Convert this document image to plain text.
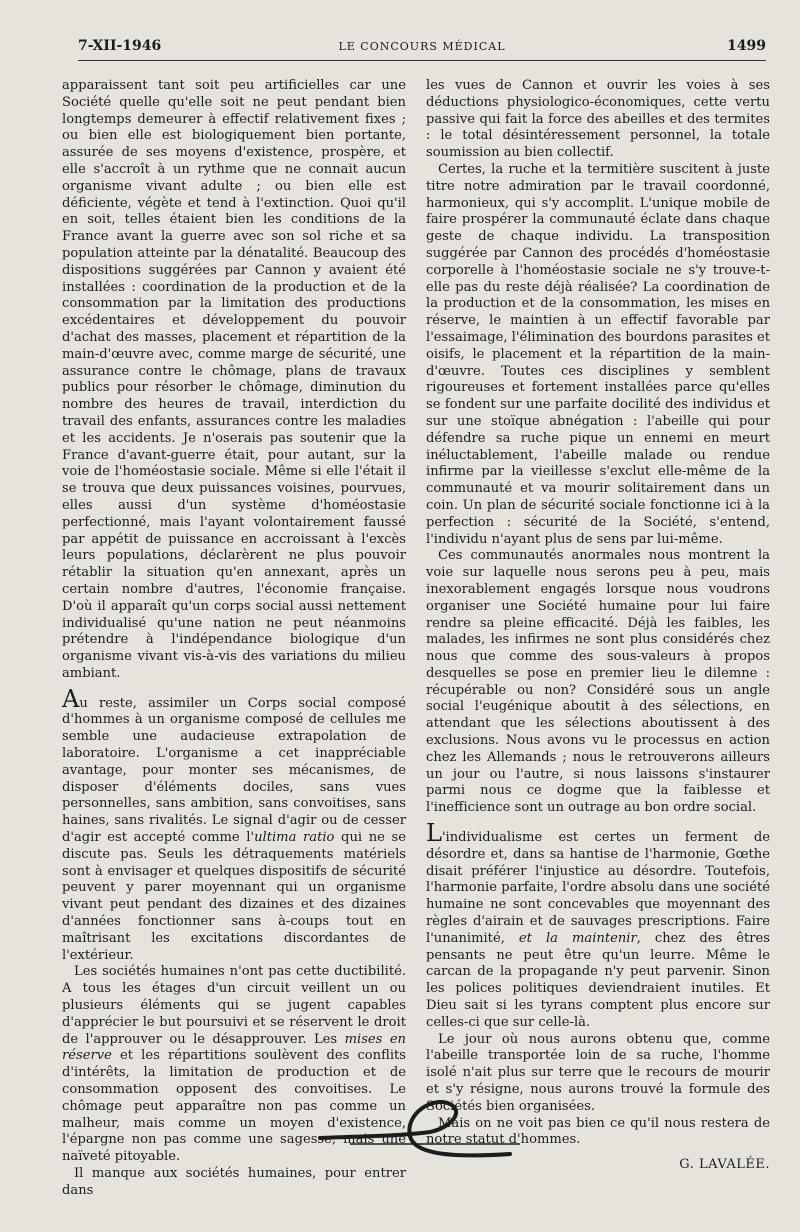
7-XII-1946	LE CONCOURS MÉDICAL	1499

apparaissent tant soit peu artificielles car une Société quelle qu'elle soit ne peut pendant bien longtemps demeurer à effectif relativement fixes ; ou bien elle est biologiquement bien portante, assurée de ses moyens d'existence, prospère, et elle s'accroît à un rythme que ne connait aucun organisme vivant adulte ; ou bien elle est déficiente, végète et tend à l'extinction. Quoi qu'il en soit, telles étaient bien les conditions de la France avant la guerre avec son sol riche et sa population atteinte par la dénatalité. Beaucoup des dispositions suggérées par Cannon y avaient été installées : coordination de la production et de la consommation par la limitation des productions excédentaires et développement du pouvoir d'achat des masses, placement et répartition de la main-d'œuvre avec, comme marge de sécurité, une assurance contre le chômage, plans de travaux publics pour résorber le chômage, diminution du nombre des heures de travail, interdiction du travail des enfants, assurances contre les maladies et les accidents. Je n'oserais pas soutenir que la France d'avant-guerre était, pour autant, sur la voie de l'homéostasie sociale. Même si elle l'était il se trouva que deux puissances voisines, pourvues, elles aussi d'un système d'homéostasie perfectionné, mais l'ayant volontairement faussé par appétit de puissance en accroissant à l'excès leurs populations, déclarèrent ne plus pouvoir rétablir la situation qu'en annexant, après un certain nombre d'autres, l'économie française. D'où il apparaît qu'un corps social aussi nettement individualisé qu'une nation ne peut néanmoins prétendre à l'indépendance biologique d'un organisme vivant vis-à-vis des variations du milieu ambiant.

Au reste, assimiler un Corps social composé d'hommes à un organisme composé de cellules me semble une audacieuse extrapolation de laboratoire. L'organisme a cet inappréciable avantage, pour monter ses mécanismes, de disposer d'éléments dociles, sans vues personnelles, sans ambition, sans convoitises, sans haines, sans rivalités. Le signal d'agir ou de cesser d'agir est accepté comme l'ultima ratio qui ne se discute pas. Seuls les détraquements matériels sont à envisager et quelques dispositifs de sécurité peuvent y parer moyennant qui un organisme vivant peut pendant des dizaines et des dizaines d'années fonctionner sans à-coups tout en maîtrisant les excitations discordantes de l'extérieur.

Les sociétés humaines n'ont pas cette ductibilité. A tous les étages d'un circuit veillent un ou plusieurs éléments qui se jugent capables d'apprécier le but poursuivi et se réservent le droit de l'approuver ou le désapprouver. Les mises en réserve et les répartitions soulèvent des conflits d'intérêts, la limitation de production et de consommation opposent des convoitises. Le chômage peut apparaître non pas comme un malheur, mais comme un moyen d'existence, l'épargne non pas comme une sagesse, mais une naïveté pitoyable.

Il manque aux sociétés humaines, pour entrer dans

les vues de Cannon et ouvrir les voies à ses déductions physiologico-économiques, cette vertu passive qui fait la force des abeilles et des termites : le total désintéressement personnel, la totale soumission au bien collectif.

Certes, la ruche et la termitière suscitent à juste titre notre admiration par le travail coordonné, harmonieux, qui s'y accomplit. L'unique mobile de faire prospérer la communauté éclate dans chaque geste de chaque individu. La transposition suggérée par Cannon des procédés d'homéostasie corporelle à l'homéostasie sociale ne s'y trouve-t-elle pas du reste déjà réalisée? La coordination de la production et de la consommation, les mises en réserve, le maintien à un effectif favorable par l'essaimage, l'élimination des bourdons parasites et oisifs, le placement et la répartition de la main-d'œuvre. Toutes ces disciplines y semblent rigoureuses et fortement installées parce qu'elles se fondent sur une parfaite docilité des individus et sur une stoïque abnégation : l'abeille qui pour défendre sa ruche pique un ennemi en meurt inéluctablement, l'abeille malade ou rendue infirme par la vieillesse s'exclut elle-même de la communauté et va mourir solitairement dans un coin. Un plan de sécurité sociale fonctionne ici à la perfection : sécurité de la Société, s'entend, l'individu n'ayant plus de sens par lui-même.

Ces communautés anormales nous montrent la voie sur laquelle nous serons peu à peu, mais inexorablement engagés lorsque nous voudrons organiser une Société humaine pour lui faire rendre sa pleine efficacité. Déjà les faibles, les malades, les infirmes ne sont plus considérés chez nous que comme des sous-valeurs à propos desquelles se pose en premier lieu le dilemne : récupérable ou non? Considéré sous un angle social l'eugénique aboutit à des sélections, en attendant que les sélections aboutissent à des exclusions. Nous avons vu le processus en action chez les Allemands ; nous le retrouverons ailleurs un jour ou l'autre, si nous laissons s'instaurer parmi nous ce dogme que la faiblesse et l'inefficience sont un outrage au bon ordre social.

L'individualisme est certes un ferment de désordre et, dans sa hantise de l'harmonie, Gœthe disait préférer l'injustice au désordre. Toutefois, l'harmonie parfaite, l'ordre absolu dans une société humaine ne sont concevables que moyennant des règles d'airain et de sauvages prescriptions. Faire l'unanimité, et la maintenir, chez des êtres pensants ne peut être qu'un leurre. Même le carcan de la propagande n'y peut parvenir. Sinon les polices politiques deviendraient inutiles. Et Dieu sait si les tyrans comptent plus encore sur celles-ci que sur celle-là.

Le jour où nous aurons obtenu que, comme l'abeille transportée loin de sa ruche, l'homme isolé n'ait plus sur terre que le recours de mourir et s'y résigne, nous aurons trouvé la formule des Sociétés bien organisées.

Mais on ne voit pas bien ce qu'il nous restera de notre statut d'hommes.

G. LAVALÉE.
